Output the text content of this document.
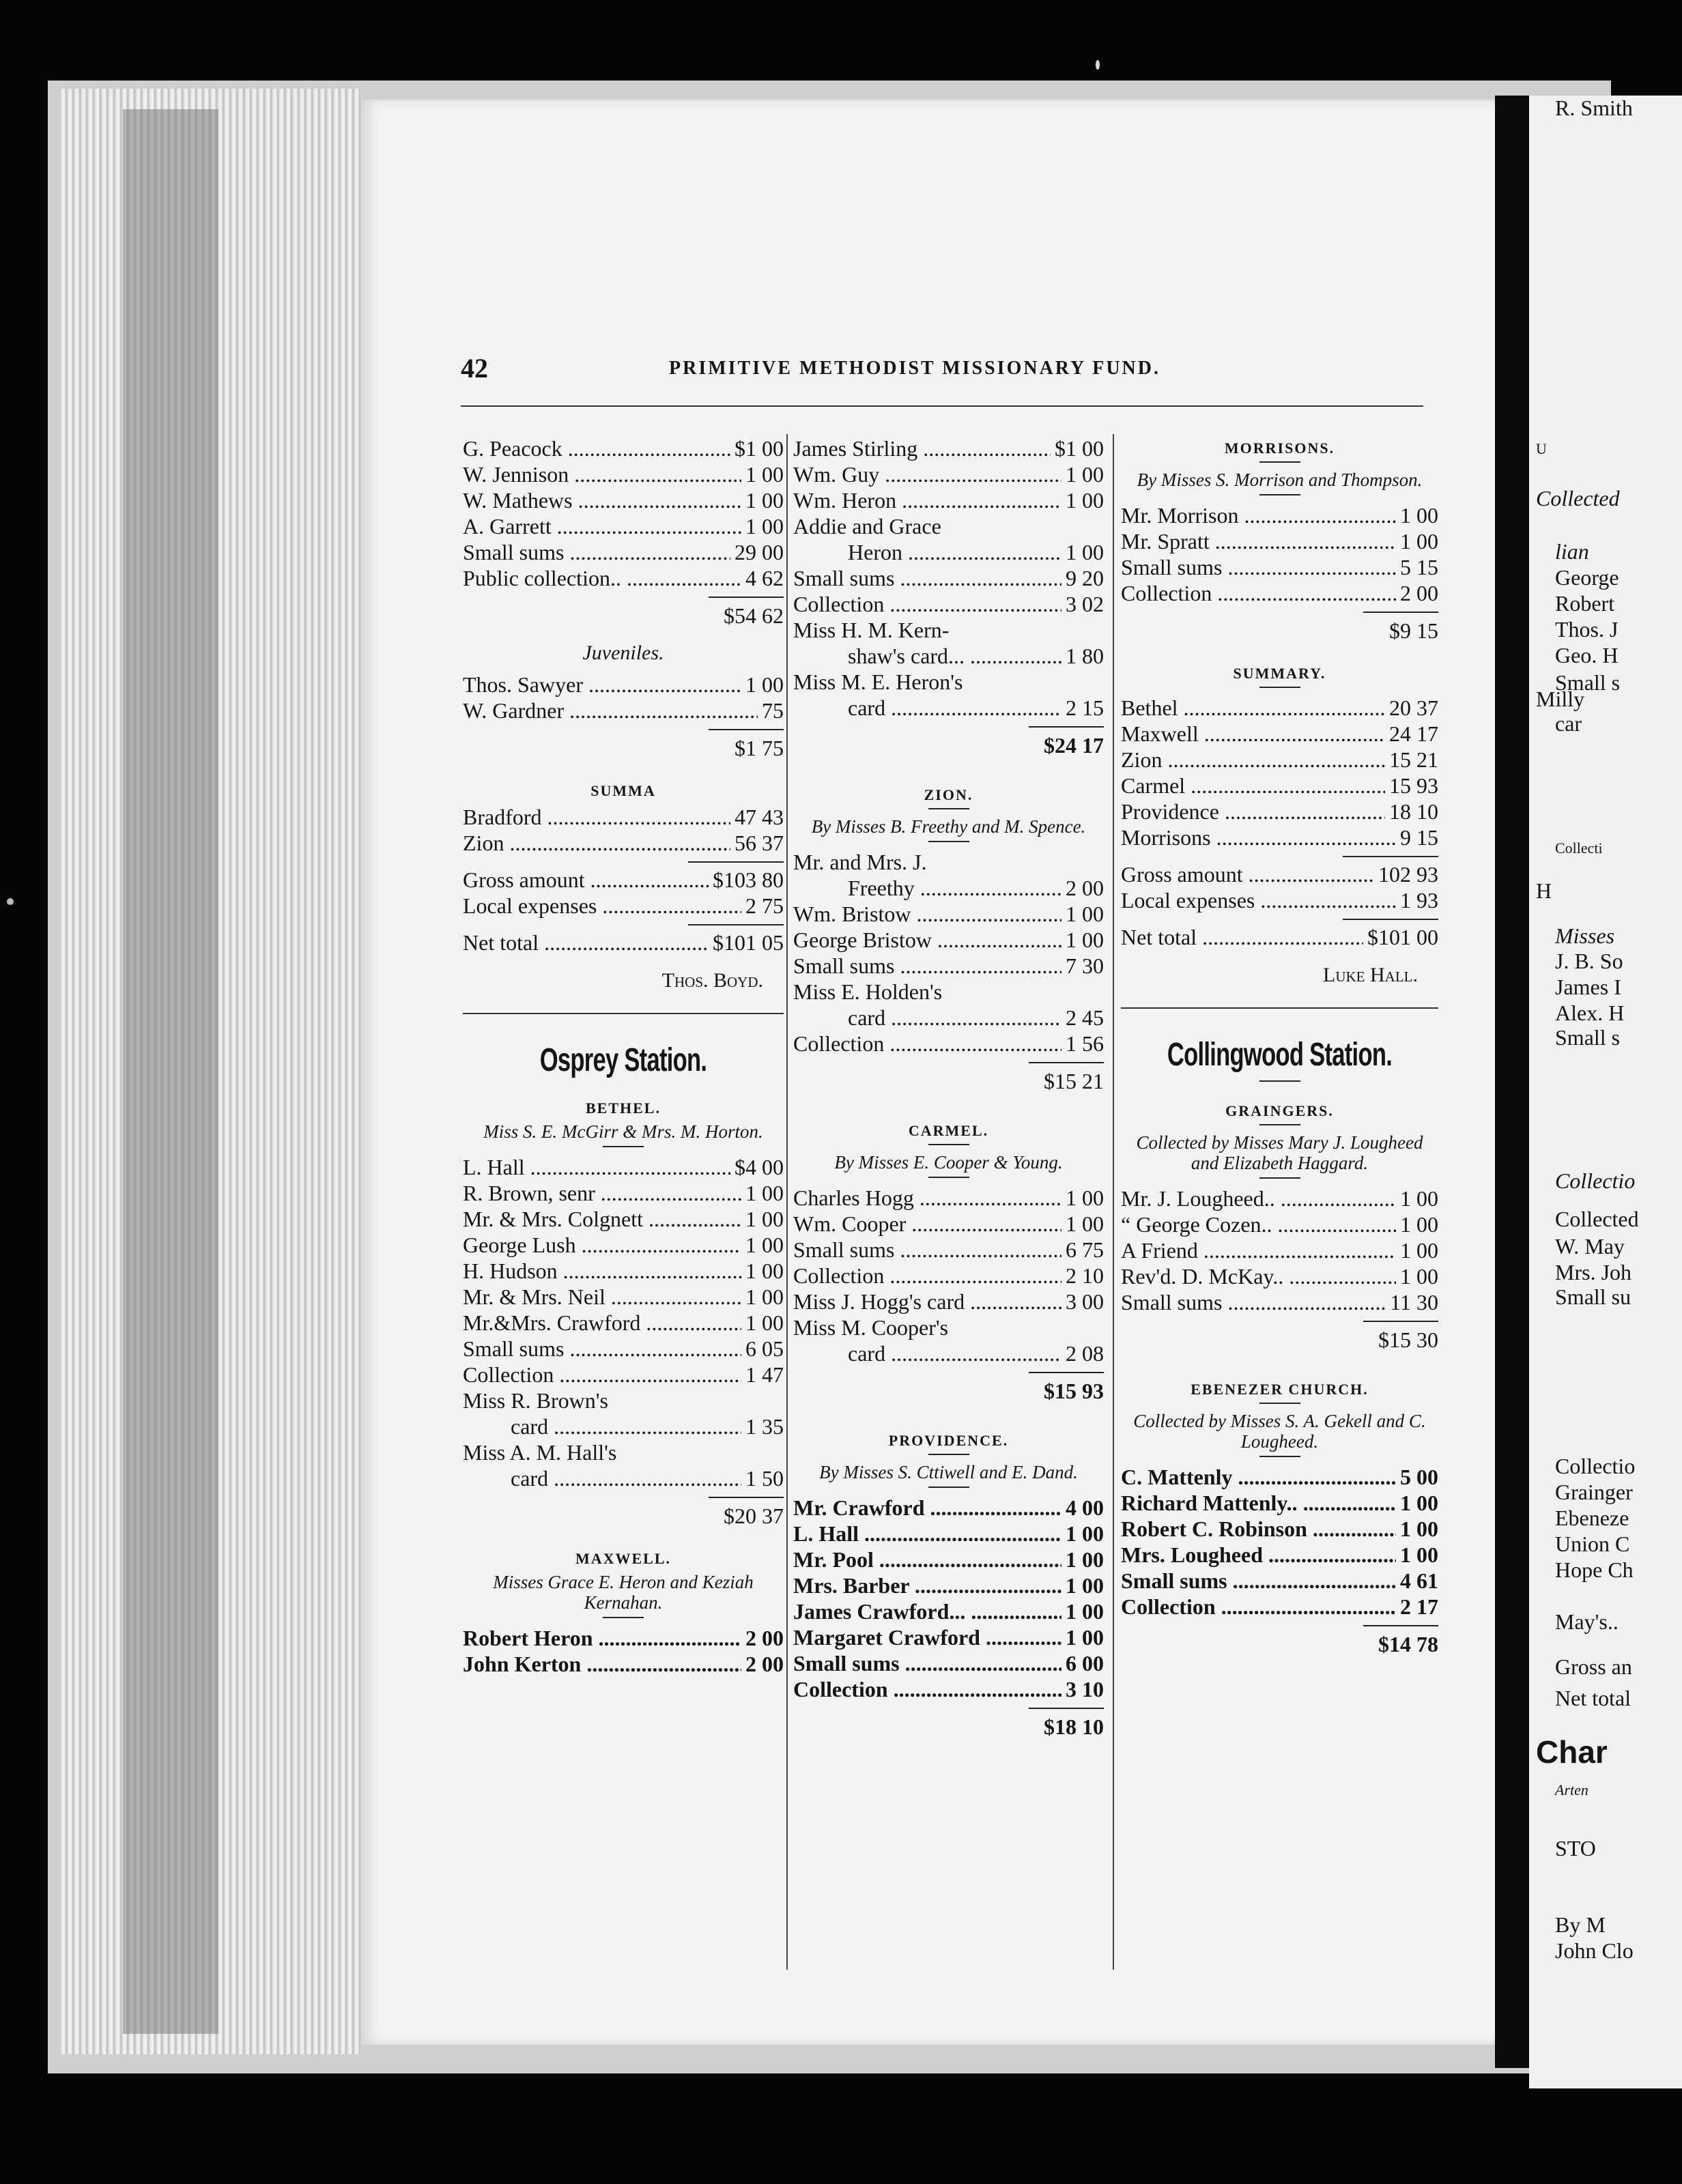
42	PRIMITIVE METHODIST MISSIONARY FUND.
G. Peacock .....	$1 00
W. Jennison .....	1 00
W. Mathews .....	1 00
A. Garrett .....	1 00
Small sums .....	29 00
Public collection.. .....	4 62
$54 62
Juveniles.
Thos. Sawyer .....	1 00
W. Gardner .....	75
$1 75
SUMMA
Bradford .....	47 43
Zion .....	56 37
Gross amount .....	$103 80
Local expenses .....	2 75
Net total .....	$101 05
Thos. Boyd.
Osprey Station.
BETHEL.
Miss S. E. McGirr & Mrs. M. Horton.
L. Hall .....	$4 00
R. Brown, senr .....	1 00
Mr. & Mrs. Colgnett .....	1 00
George Lush .....	1 00
H. Hudson .....	1 00
Mr. & Mrs. Neil .....	1 00
Mr.&Mrs. Crawford .....	1 00
Small sums .....	6 05
Collection .....	1 47
Miss R. Brown's
card .....	1 35
Miss A. M. Hall's
card .....	1 50
$20 37
MAXWELL.
Misses Grace E. Heron and Keziah Kernahan.
Robert Heron .....	2 00
John Kerton .....	2 00
James Stirling .....	$1 00
Wm. Guy .....	1 00
Wm. Heron .....	1 00
Addie and Grace
Heron .....	1 00
Small sums .....	9 20
Collection .....	3 02
Miss H. M. Kern-
shaw's card... .....	1 80
Miss M. E. Heron's
card .....	2 15
$24 17
ZION.
By Misses B. Freethy and M. Spence.
Mr. and Mrs. J.
Freethy .....	2 00
Wm. Bristow .....	1 00
George Bristow .....	1 00
Small sums .....	7 30
Miss E. Holden's
card .....	2 45
Collection .....	1 56
$15 21
CARMEL.
By Misses E. Cooper & Young.
Charles Hogg .....	1 00
Wm. Cooper .....	1 00
Small sums .....	6 75
Collection .....	2 10
Miss J. Hogg's card .....	3 00
Miss M. Cooper's
card .....	2 08
$15 93
PROVIDENCE.
By Misses S. Cttiwell and E. Dand.
Mr. Crawford .....	4 00
L. Hall .....	1 00
Mr. Pool .....	1 00
Mrs. Barber .....	1 00
James Crawford... .....	1 00
Margaret Crawford .....	1 00
Small sums .....	6 00
Collection .....	3 10
$18 10
MORRISONS.
By Misses S. Morrison and Thompson.
Mr. Morrison .....	1 00
Mr. Spratt .....	1 00
Small sums .....	5 15
Collection .....	2 00
$9 15
SUMMARY.
Bethel .....	20 37
Maxwell .....	24 17
Zion .....	15 21
Carmel .....	15 93
Providence .....	18 10
Morrisons .....	9 15
Gross amount .....	102 93
Local expenses .....	1 93
Net total .....	$101 00
Luke Hall.
Collingwood Station.
GRAINGERS.
Collected by Misses Mary J. Lougheed and Elizabeth Haggard.
Mr. J. Lougheed.. .....	1 00
“ George Cozen.. .....	1 00
A Friend .....	1 00
Rev'd. D. McKay.. .....	1 00
Small sums .....	11 30
$15 30
EBENEZER CHURCH.
Collected by Misses S. A. Gekell and C. Lougheed.
C. Mattenly .....	5 00
Richard Mattenly.. .....	1 00
Robert C. Robinson .....	1 00
Mrs. Lougheed .....	1 00
Small sums .....	4 61
Collection .....	2 17
$14 78
U
Collected
lian
George
Robert
Thos. J
Geo. H
Small s
Milly
car
Collecti
H
Misses
J. B. So
James I
Alex. H
Small s
Collectio
Collected
W. May
Mrs. Joh
Small su
Collectio
Grainger
Ebeneze
Union C
Hope Ch
May's..
Gross an
Net total
Char
Arten
STO
By M
John Clo
R. Smith
